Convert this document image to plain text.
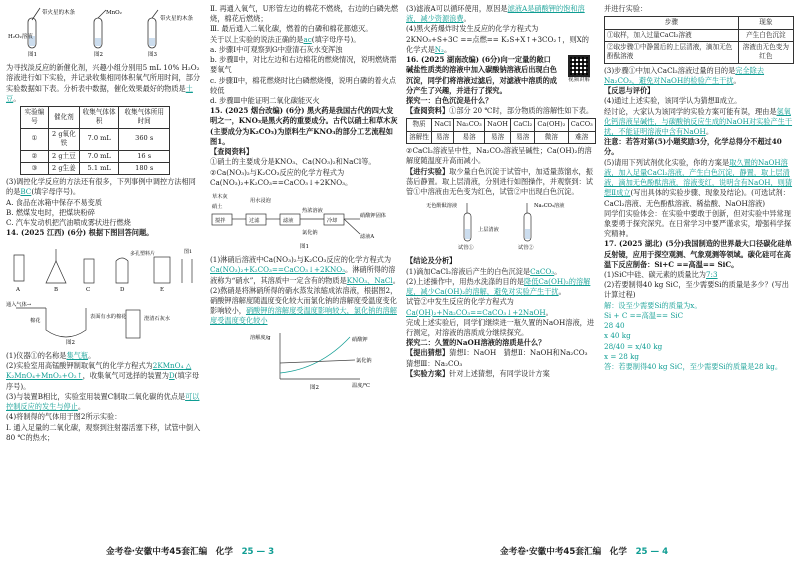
带火星的木条
H₂O₂溶液
MnO₂
带火星的木条
图1	图2	图3

为寻找淡反应的新催化剂，兴趣小组分别用5 mL 10% H₂O₂溶液进行如下实验，并记录收集相同体积氧气所用时间，部分实验数据如下表。分析表中数据，催化效果最好的物质是土豆。

实验编号	催化剂	收集气体体积	收集气体所用时间
①	2 g氧化铁	7.0 mL	360 s
②	2 g土豆	7.0 mL	16 s
③	2 g生姜	5.1 mL	180 s

(3)调控化学反应的方法还有很多，下列事例中调控方法相同的是BC(填字母序号)。

A. 食品在冰箱中保存不易变质

B. 燃煤发电时，把煤块粉碎

C. 汽车发动机把汽油喷成雾状进行燃烧

14. (2025 江西) (6分) 根据下图回答问题。

A	B	C	D	E
多孔塑料片	图1

通入气体→
棉花
表面有水的棉花	澄清石灰水
图2

(1)仪器①的名称是集气瓶。

(2)实验室用高锰酸钾制取氧气的化学方程式为2KMnO₄ △ K₂MnO₄+MnO₂+O₂↑，收集氧气可选择的装置为D(填字母序号)。

(3)与装置B相比，实验室用装置C制取二氧化碳的优点是可以控制反应的发生与停止。

(4)将制得的气体用于图2所示实验：

Ⅰ. 通入足量的二氧化碳，观察到注射器活塞下移，试管中倒入80 ℃的热水；

Ⅱ. 再通入氧气，U形管左边的棉花不燃烧，右边的白磷先燃烧，棉花后燃烧；

Ⅲ. 最后通入二氧化碳，燃着的白磷和棉花都熄灭。

关于以上实验的说法正确的是ac(填字母序号)。

a. 步骤Ⅰ中可观察到G中澄清石灰水变浑浊

b. 步骤Ⅱ中，对比左边和右边棉花的燃烧情况，说明燃烧需要氧气

c. 步骤Ⅱ中，棉花燃烧时比白磷燃烧慢，说明白磷的着火点较低

d. 步骤Ⅲ中能证明二氧化碳能灭火

15. (2025 烟台改编) (6分) 黑火药是我国古代的四大发明之一，KNO₃是黑火药的重要成分。古代以硝土和草木灰(主要成分为K₂CO₃)为原料生产KNO₃的部分工艺流程如图1。

【查阅资料】

①硝土的主要成分是KNO₃、Ca(NO₃)₂和NaCl等。

②Ca(NO₃)₂与K₂CO₃反应的化学方程式为Ca(NO₃)₂+K₂CO₃==CaCO₃↓+2KNO₃。

草木灰
硝土
用水浸泡
搅拌	过滤	滤液
热浓溶液
冷却
硝酸钾固体
滤液A
氯化钠
图1

(1)淋硝后溶液中Ca(NO₃)₂与K₂CO₃反应的化学方程式为Ca(NO₃)₂+K₂CO₃==CaCO₃↓+2KNO₃。淋硝所得的溶液称为“硝水”，其溶质中一定含有的物质是KNO₃、NaCl。

(2)熬硝是将淋硝所得的硝水蒸发浓缩成浓溶液，根据图2，硝酸钾溶解度随温度变化较大而氯化钠的溶解度受温度变化影响较小，硝酸钾的溶解度受温度影响较大，氯化钠的溶解度受温度变化较小

溶解度/g
温度/℃
硝酸钾
氯化钠
图2

(3)滤液A可以循环使用，原因是滤液A是硝酸钾的饱和溶液，减少资源浪费。

(4)黑火药爆炸时发生反应的化学方程式为

2KNO₃+S+3C ==点燃== K₂S+X↑+3CO₂↑，则X的化学式是N₂。

16. (2025 湖南改编) (6分)向一定量的敞口碱盐性质类的溶液中加入碳酸钠溶液后出现白色沉淀，同学们将溶液过滤后，对滤液中溶质的成分产生了兴趣，并进行了探究。

视频讲解

探究一：白色沉淀是什么？

【查阅资料】①部分 20 ℃时，部分物质的溶解性如下表。

物质	NaCl	Na₂CO₃	NaOH	CaCl₂	Ca(OH)₂	CaCO₃
溶解性	易溶	易溶	易溶	易溶	微溶	难溶

②CaCl₂溶液呈中性，Na₂CO₃溶液呈碱性；Ca(OH)₂的溶解度随温度升高而减小。

【进行实验】取少量白色沉淀于试管中，加适量蒸馏水，振荡后静置。取上层清液，分别进行如图操作，并观察到：试管①中溶液由无色变为红色，试管②中出现白色沉淀。

无色酚酞溶液	Na₂CO₃溶液
上层清液
试管①	试管②

【结论及分析】

(1)滴加CaCl₂溶液后产生的白色沉淀是CaCO₃。

(2)上述操作中，用热水洗涤的目的是降低Ca(OH)₂的溶解度，减少Ca(OH)₂的溶解，避免对实验产生干扰。

试管②中发生反应的化学方程式为Ca(OH)₂+Na₂CO₃==CaCO₃↓+2NaOH。

完成上述实验后，同学们继续进一瓶久置的NaOH溶液，进行测定，对溶液的溶质成分继续探究。

探究二：久置的NaOH溶液的溶质是什么？

【提出猜想】猜想Ⅰ：NaOH　猜想Ⅱ：NaOH和Na₂CO₃　猜想Ⅲ：Na₂CO₃

【实验方案】针对上述猜想，有同学设计方案

并进行实验：

步骤	现象
①取样，加入过量CaCl₂溶液	产生白色沉淀
②取步骤①中静置后的上层清液，滴加无色酚酞溶液	溶液由无色变为红色

(3)步骤①中加入CaCl₂溶液过量的目的是完全除去Na₂CO₃，避免对NaOH的检验产生干扰。

【反思与评价】

(4)通过上述实验，该同学认为猜想Ⅱ成立。

经讨论，大家认为该同学的实验方案可能有误，理由是氢氧化钙溶液呈碱性，与碳酸钠反应生成的NaOH对实验产生干扰，不能证明溶液中含有NaOH。

注意：若答对第(5)小题奖励3分，化学总得分不超过40分。

(5)请用下列试剂优化实验，你的方案是取久置的NaOH溶液，加入足量CaCl₂溶液，产生白色沉淀，静置，取上层清液，滴加无色酚酞溶液，溶液变红，说明含有NaOH，则猜想Ⅱ成立(写出具体的实验步骤、现象及结论)。(可选试剂：CaCl₂溶液、无色酚酞溶液、稀盐酸、NaOH溶液)

同学们实验体会：在实验中要敢于创新，但对实验中异常现象要勇于探究深究。在日常学习中要严谨求实，增强科学探究精神。

17. (2025 湖北) (5分)我国制造的世界最大口径碳化硅单反射镜，应用于探空观测、气象观测等领域。碳化硅可在高温下反应制备：Si+C ==高温== SiC。

(1)SiC中硅、碳元素的质量比为7:3

(2)若要制得40 kg SiC，至少需要Si的质量是多少？(写出计算过程)

解：设至少需要Si的质量为x。

Si + C ==高温== SiC

28 40

x 40 kg

28/40 = x/40 kg

x = 28 kg

答：若要制得40 kg SiC，至少需要Si的质量是28 kg。

金考卷·安徽中考45套汇编　化学　 25 — 3	金考卷·安徽中考45套汇编　化学　 25 — 4
